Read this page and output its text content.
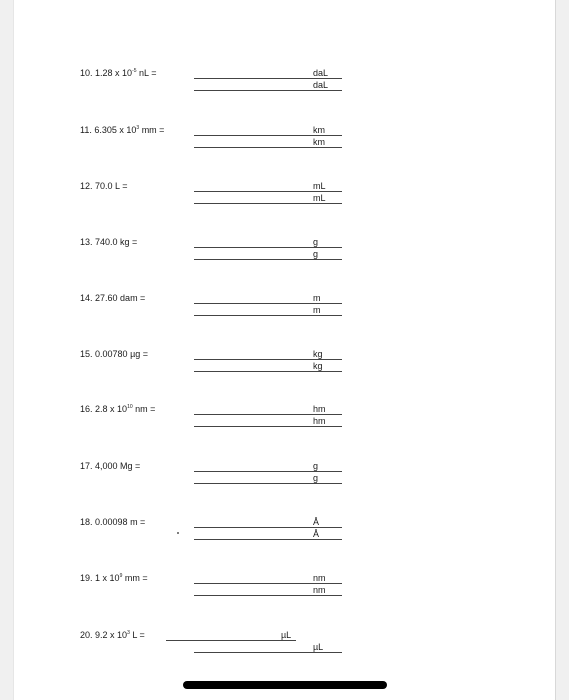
10. 1.28 x $10^{-5}$ nL =	daL
daL
11. 6.305 x $10^3$ mm =	km
km
12. 70.0 L =	mL
mL
13. 740.0 kg =	g
g
14. 27.60 dam =	m
m
15. 0.00780 µg =	kg
kg
16. 2.8 x $10^{10}$ nm =	hm
hm
17. 4,000 Mg =	g
g
18. 0.00098 m =	Å
Å
19. 1 x $10^9$ mm =	nm
nm
20. 9.2 x $10^3$ L =	µL
µL
